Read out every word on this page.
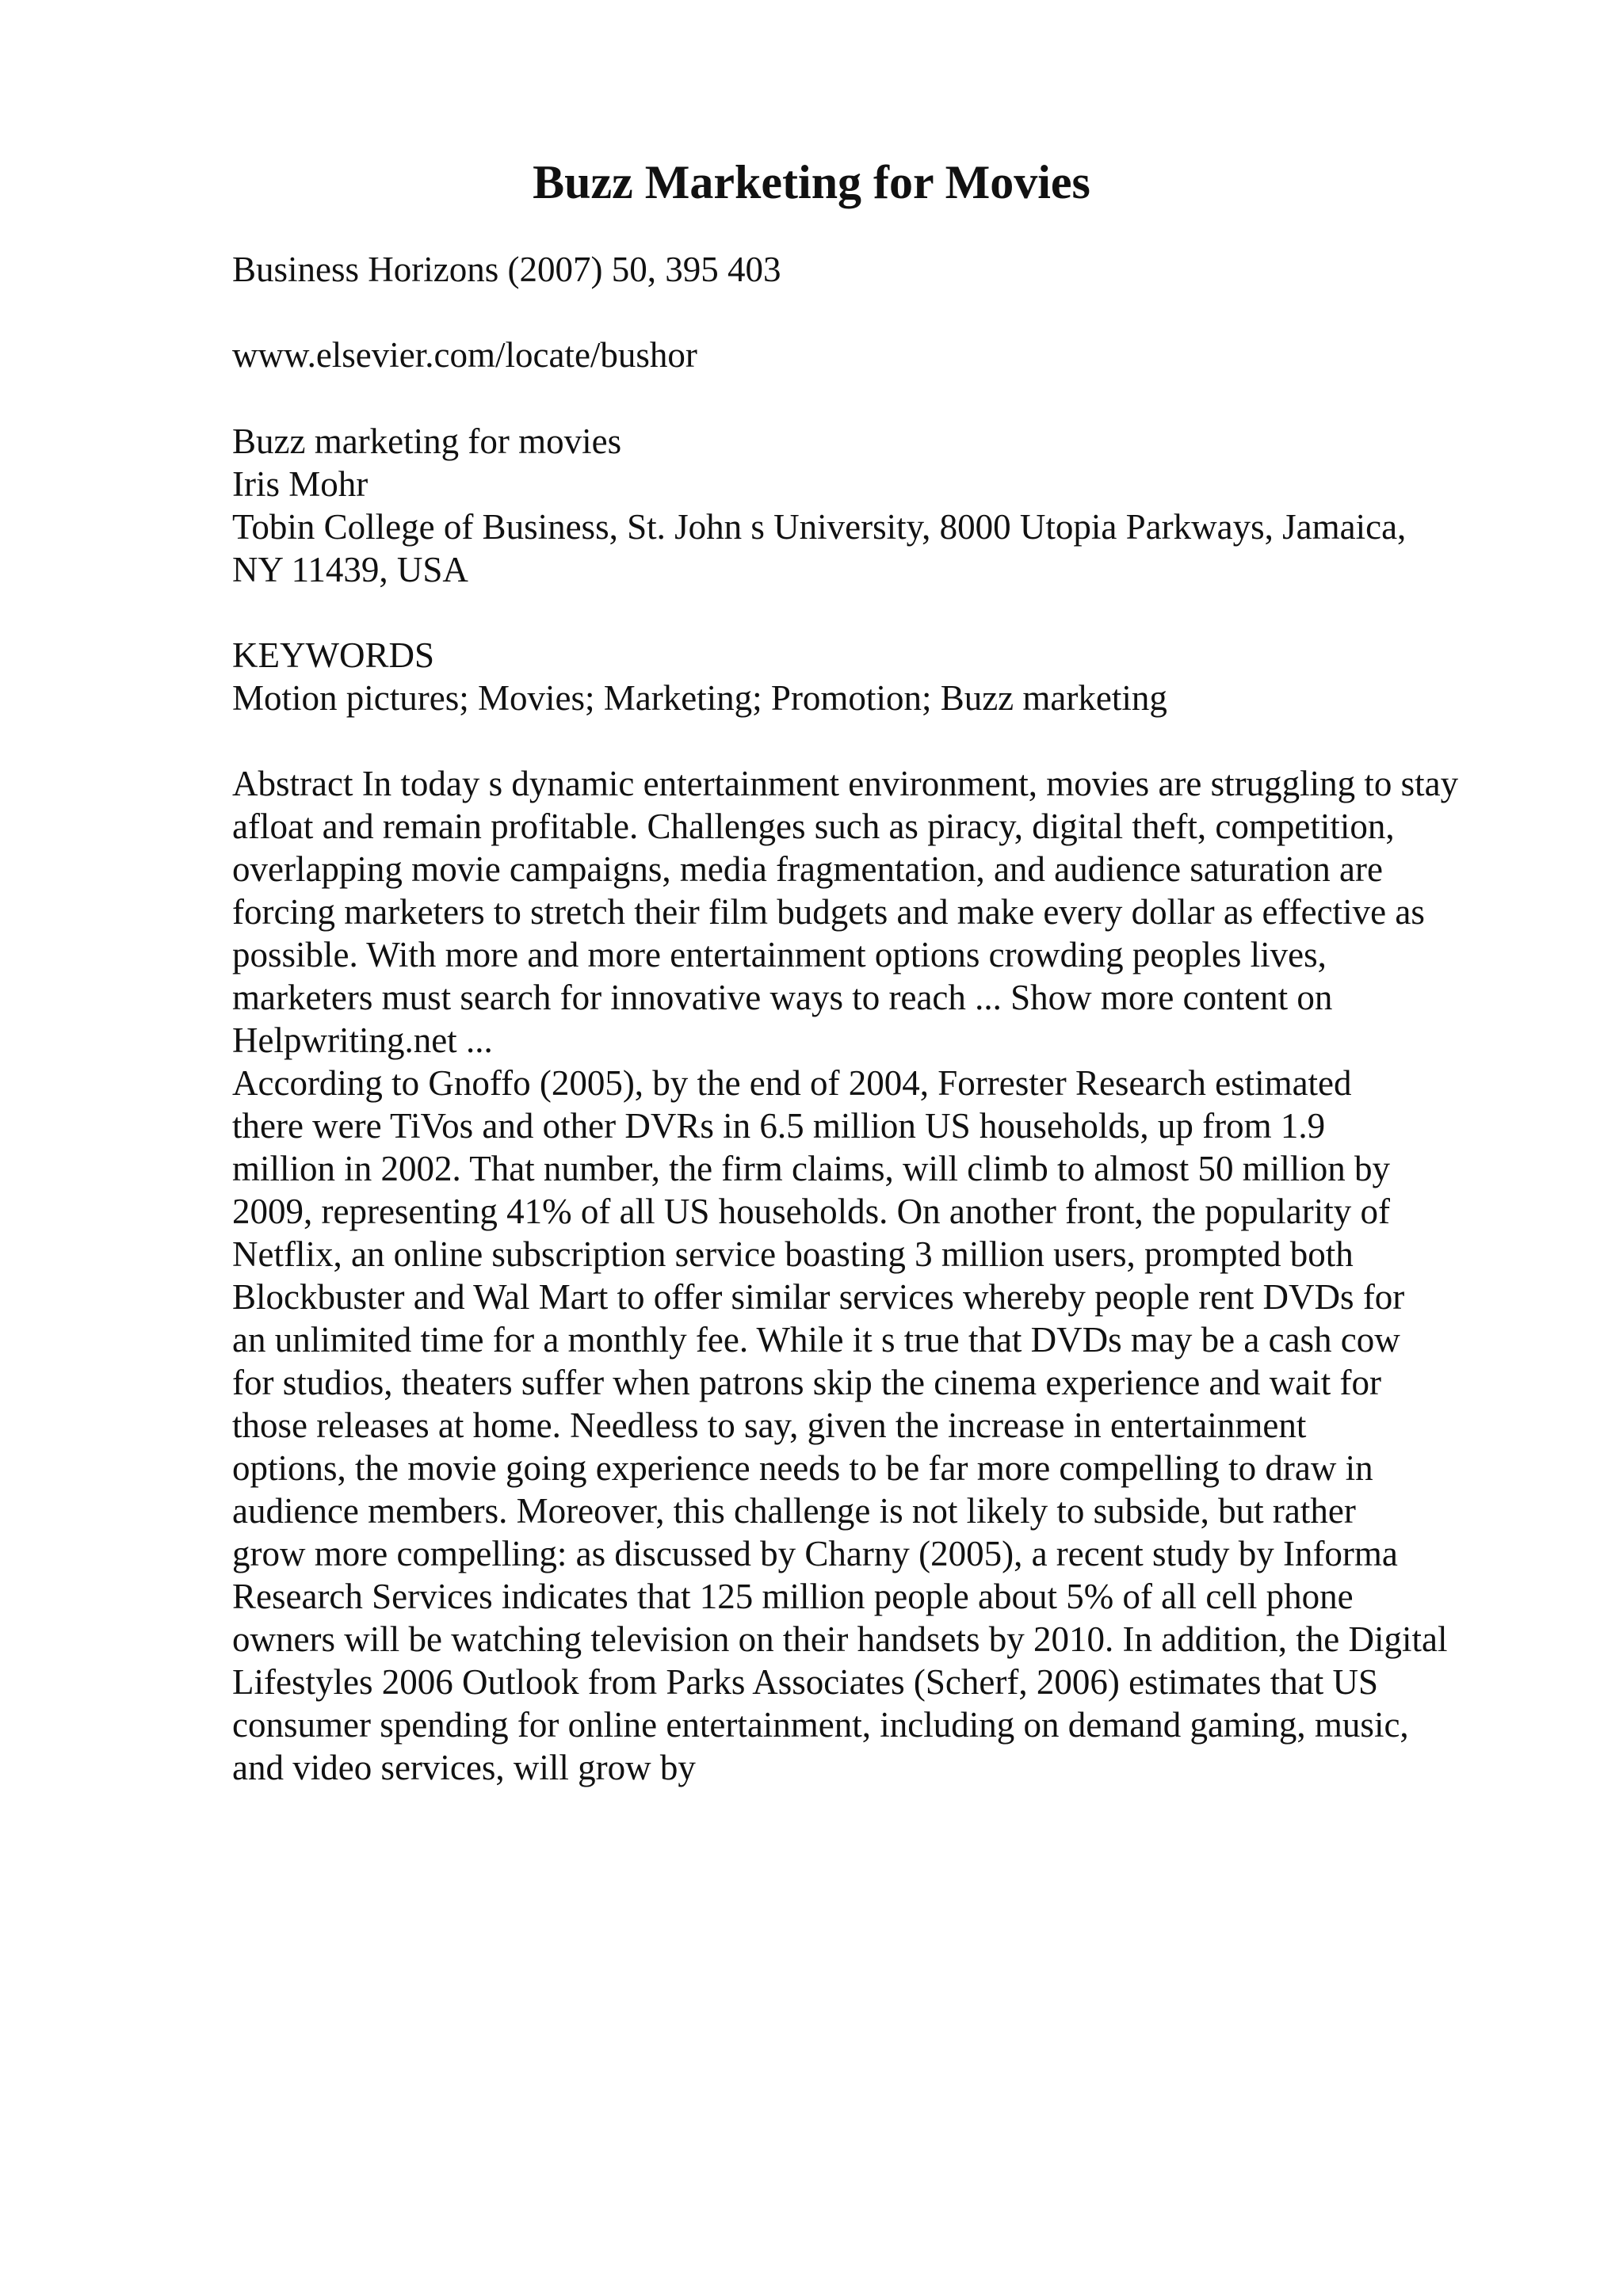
Buzz Marketing for Movies

Business Horizons (2007) 50, 395 403

www.elsevier.com/locate/bushor

Buzz marketing for movies
Iris Mohr
Tobin College of Business, St. John s University, 8000 Utopia Parkways, Jamaica,
NY 11439, USA
KEYWORDS
Motion pictures; Movies; Marketing; Promotion; Buzz marketing
Abstract In today s dynamic entertainment environment, movies are struggling to stay
afloat and remain profitable. Challenges such as piracy, digital theft, competition,
overlapping movie campaigns, media fragmentation, and audience saturation are
forcing marketers to stretch their film budgets and make every dollar as effective as
possible. With more and more entertainment options crowding peoples lives,
marketers must search for innovative ways to reach ... Show more content on
Helpwriting.net ...
According to Gnoffo (2005), by the end of 2004, Forrester Research estimated
there were TiVos and other DVRs in 6.5 million US households, up from 1.9
million in 2002. That number, the firm claims, will climb to almost 50 million by
2009, representing 41% of all US households. On another front, the popularity of
Netflix, an online subscription service boasting 3 million users, prompted both
Blockbuster and Wal Mart to offer similar services whereby people rent DVDs for
an unlimited time for a monthly fee. While it s true that DVDs may be a cash cow
for studios, theaters suffer when patrons skip the cinema experience and wait for
those releases at home. Needless to say, given the increase in entertainment
options, the movie going experience needs to be far more compelling to draw in
audience members. Moreover, this challenge is not likely to subside, but rather
grow more compelling: as discussed by Charny (2005), a recent study by Informa
Research Services indicates that 125 million people about 5% of all cell phone
owners will be watching television on their handsets by 2010. In addition, the Digital
Lifestyles 2006 Outlook from Parks Associates (Scherf, 2006) estimates that US
consumer spending for online entertainment, including on demand gaming, music,
and video services, will grow by
